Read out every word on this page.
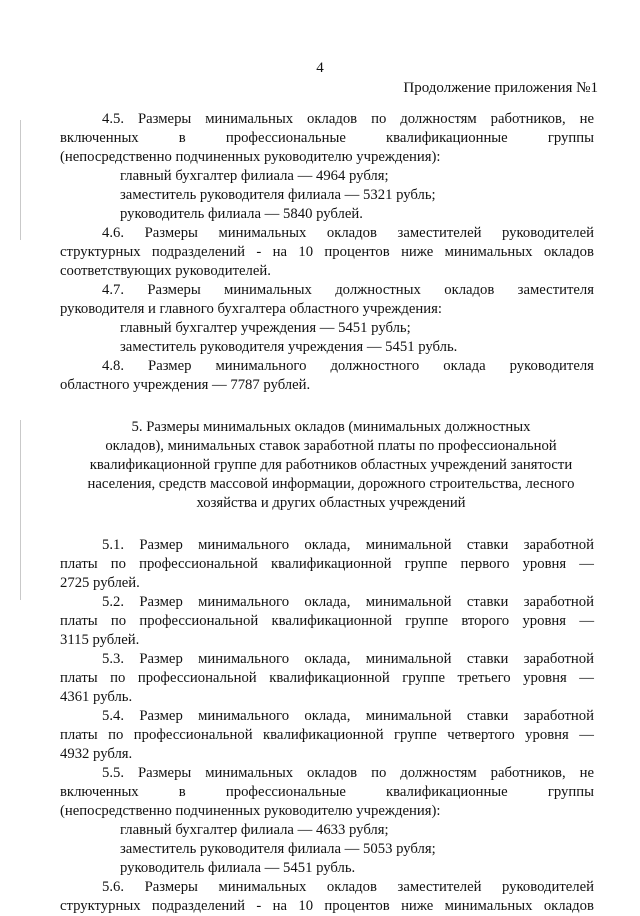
4
Продолжение приложения №1
4.5. Размеры минимальных окладов по должностям работников, не
включенных	в	профессиональные	квалификационные	группы
(непосредственно подчиненных руководителю учреждения):
главный бухгалтер филиала — 4964 рубля;
заместитель руководителя филиала — 5321 рубль;
руководитель филиала — 5840 рублей.
4.6. Размеры минимальных окладов заместителей руководителей
структурных подразделений - на 10 процентов ниже минимальных окладов
соответствующих руководителей.
4.7. Размеры минимальных должностных окладов заместителя
руководителя и главного бухгалтера областного учреждения:
главный бухгалтер учреждения — 5451 рубль;
заместитель руководителя учреждения — 5451 рубль.
4.8. Размер минимального должностного оклада руководителя
областного учреждения — 7787 рублей.
5. Размеры минимальных окладов (минимальных должностных
окладов), минимальных ставок заработной платы по профессиональной
квалификационной группе для работников областных учреждений занятости
населения, средств массовой информации, дорожного строительства, лесного
хозяйства и других областных учреждений
5.1. Размер минимального оклада, минимальной ставки заработной
платы по профессиональной квалификационной группе первого уровня —
2725 рублей.
5.2. Размер минимального оклада, минимальной ставки заработной
платы по профессиональной квалификационной группе второго уровня —
3115 рублей.
5.3. Размер минимального оклада, минимальной ставки заработной
платы по профессиональной квалификационной группе третьего уровня —
4361 рубль.
5.4. Размер минимального оклада, минимальной ставки заработной
платы по профессиональной квалификационной группе четвертого уровня —
4932 рубля.
5.5. Размеры минимальных окладов по должностям работников, не
включенных	в	профессиональные	квалификационные	группы
(непосредственно подчиненных руководителю учреждения):
главный бухгалтер филиала — 4633 рубля;
заместитель руководителя филиала — 5053 рубля;
руководитель филиала — 5451 рубль.
5.6. Размеры минимальных окладов заместителей руководителей
структурных подразделений - на 10 процентов ниже минимальных окладов
